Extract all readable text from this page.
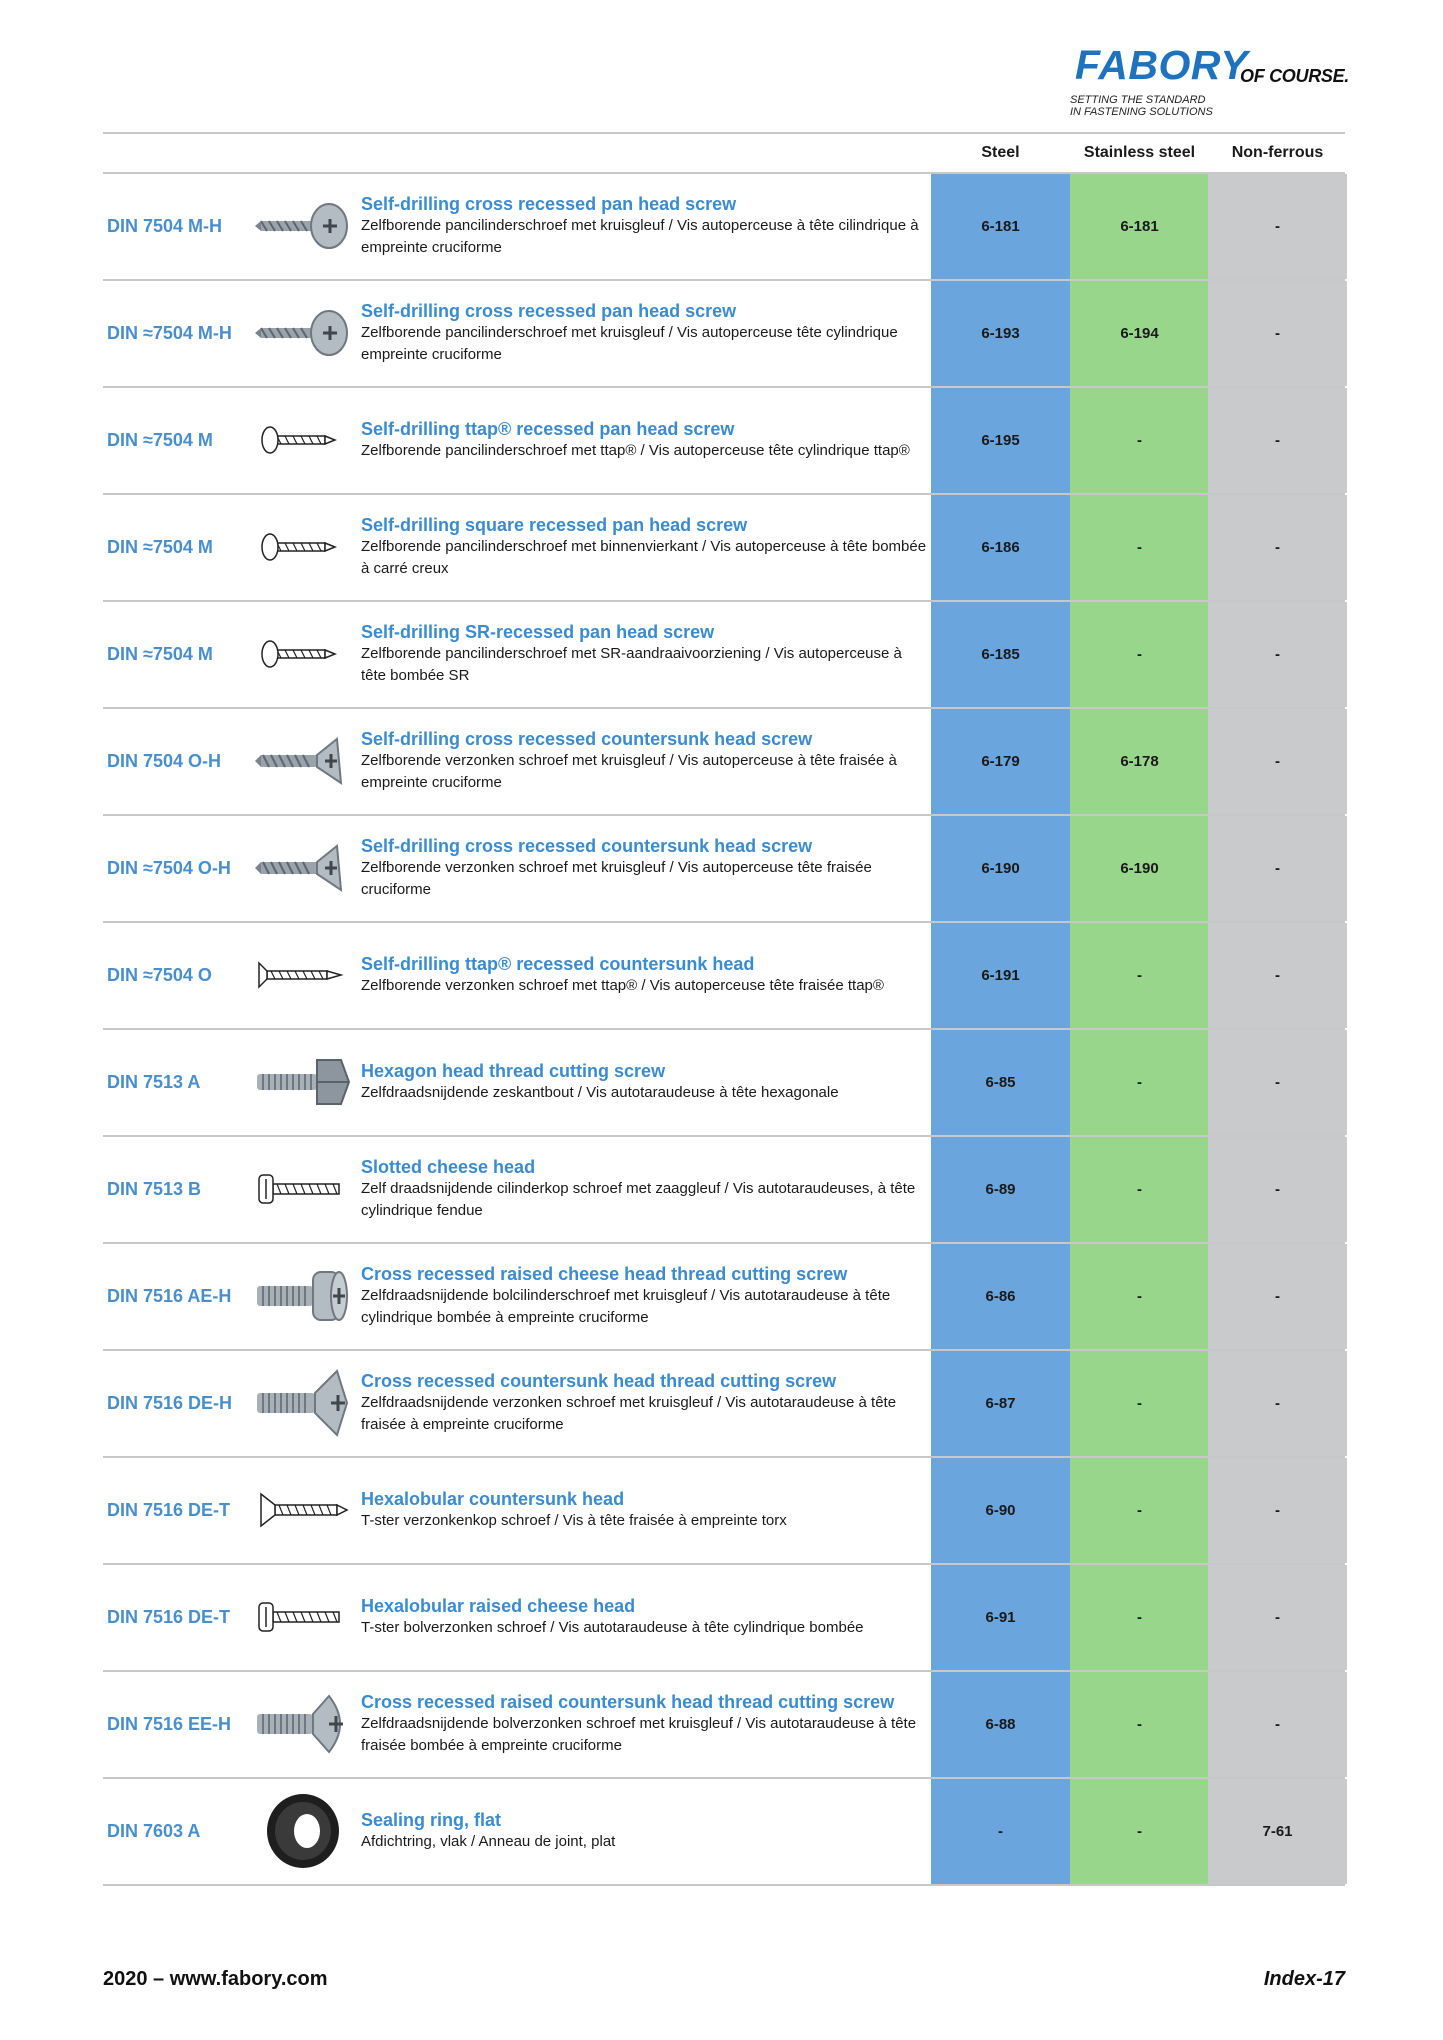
FABORY
OF COURSE.
SETTING THE STANDARD
IN FASTENING SOLUTIONS
Steel	Stainless steel	Non-ferrous
DIN 7504 M-H
Self-drilling cross recessed pan head screw
Zelfborende pancilinderschroef met kruisgleuf / Vis autoperceuse à tête cilindrique à empreinte cruciforme
6-181	6-181	-
DIN ≈7504 M-H
Self-drilling cross recessed pan head screw
Zelfborende pancilinderschroef met kruisgleuf / Vis autoperceuse tête cylindrique empreinte cruciforme
6-193	6-194	-
DIN ≈7504 M
Self-drilling ttap® recessed pan head screw
Zelfborende pancilinderschroef met ttap® / Vis autoperceuse tête cylindrique ttap®
6-195	-	-
DIN ≈7504 M
Self-drilling square recessed pan head screw
Zelfborende pancilinderschroef met binnenvierkant / Vis autoperceuse à tête bombée à carré creux
6-186	-	-
DIN ≈7504 M
Self-drilling SR-recessed pan head screw
Zelfborende pancilinderschroef met SR-aandraaivoorziening / Vis autoperceuse à tête bombée SR
6-185	-	-
DIN 7504 O-H
Self-drilling cross recessed countersunk head screw
Zelfborende verzonken schroef met kruisgleuf / Vis autoperceuse à tête fraisée à empreinte cruciforme
6-179	6-178	-
DIN ≈7504 O-H
Self-drilling cross recessed countersunk head screw
Zelfborende verzonken schroef met kruisgleuf / Vis autoperceuse tête fraisée cruciforme
6-190	6-190	-
DIN ≈7504 O
Self-drilling ttap® recessed countersunk head
Zelfborende verzonken schroef met ttap® / Vis autoperceuse tête fraisée ttap®
6-191	-	-
DIN 7513 A
Hexagon head thread cutting screw
Zelfdraadsnijdende zeskantbout / Vis autotaraudeuse à tête hexagonale
6-85	-	-
DIN 7513 B
Slotted cheese head
Zelf draadsnijdende cilinderkop schroef met zaaggleuf / Vis autotaraudeuses, à tête cylindrique fendue
6-89	-	-
DIN 7516 AE-H
Cross recessed raised cheese head thread cutting screw
Zelfdraadsnijdende bolcilinderschroef met kruisgleuf / Vis autotaraudeuse à tête cylindrique bombée à empreinte cruciforme
6-86	-	-
DIN 7516 DE-H
Cross recessed countersunk head thread cutting screw
Zelfdraadsnijdende verzonken schroef met kruisgleuf / Vis autotaraudeuse à tête fraisée à empreinte cruciforme
6-87	-	-
DIN 7516 DE-T
Hexalobular countersunk head
T-ster verzonkenkop schroef / Vis à tête fraisée à empreinte torx
6-90	-	-
DIN 7516 DE-T
Hexalobular raised cheese head
T-ster bolverzonken schroef / Vis autotaraudeuse à tête cylindrique bombée
6-91	-	-
DIN 7516 EE-H
Cross recessed raised countersunk head thread cutting screw
Zelfdraadsnijdende bolverzonken schroef met kruisgleuf / Vis autotaraudeuse à tête fraisée bombée à empreinte cruciforme
6-88	-	-
DIN 7603 A
Sealing ring, flat
Afdichtring, vlak / Anneau de joint, plat
-	-	7-61
2020 – www.fabory.com	Index-17
